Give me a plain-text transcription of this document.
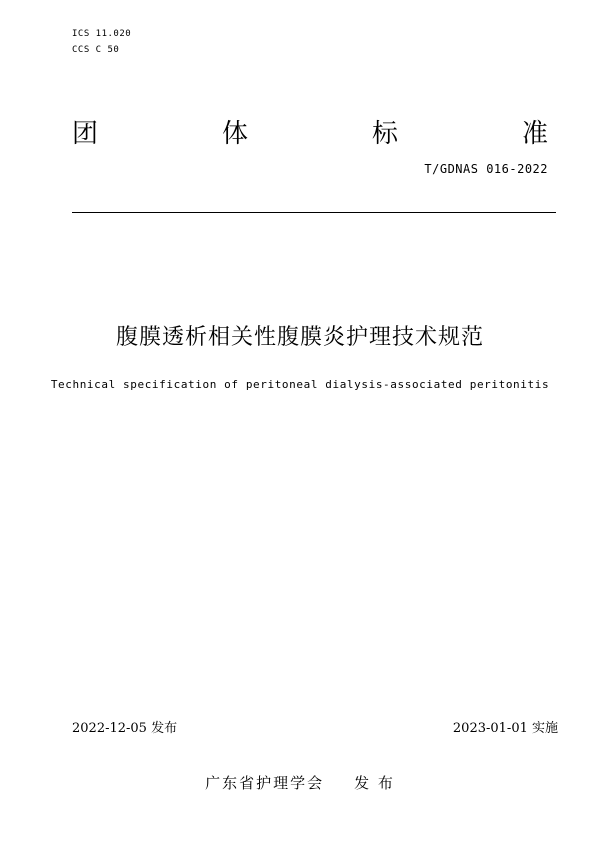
ICS 11.020
CCS C 50
团	体	标	准
T/GDNAS 016-2022
腹膜透析相关性腹膜炎护理技术规范
Technical specification of peritoneal dialysis-associated peritonitis
2022-12-05 发布	2023-01-01 实施
广东省护理学会 发 布
